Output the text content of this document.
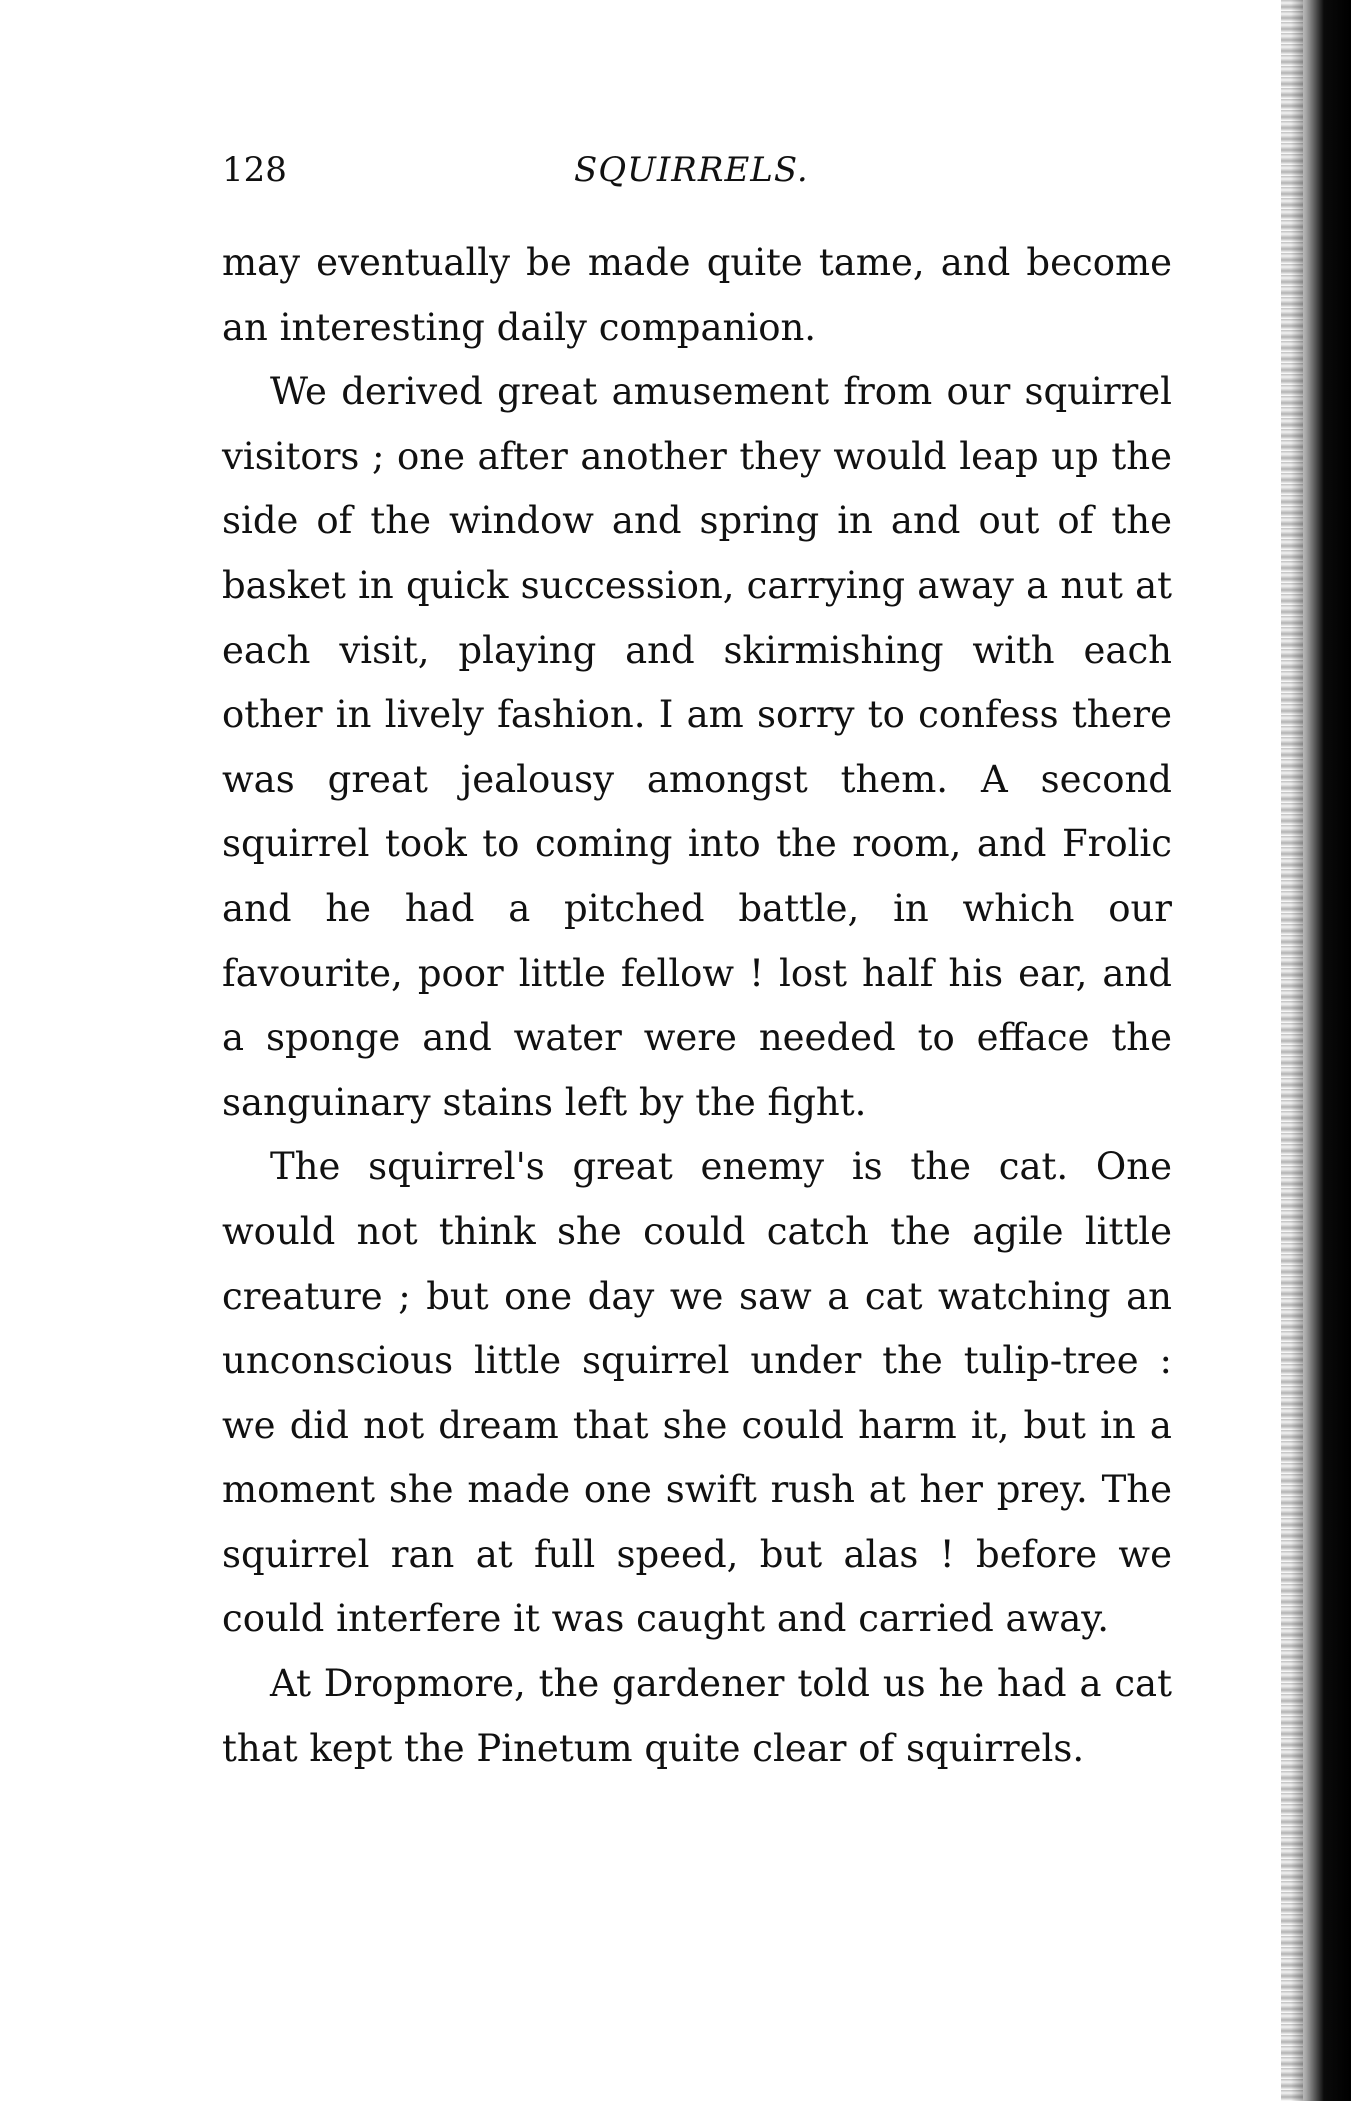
128	SQUIRRELS.

may eventually be made quite tame, and become an interesting daily companion.

We derived great amusement from our squirrel visitors ; one after another they would leap up the side of the window and spring in and out of the basket in quick succession, carrying away a nut at each visit, playing and skirmishing with each other in lively fashion. I am sorry to confess there was great jealousy amongst them. A second squirrel took to coming into the room, and Frolic and he had a pitched battle, in which our favourite, poor little fellow ! lost half his ear, and a sponge and water were needed to efface the sanguinary stains left by the fight.

The squirrel's great enemy is the cat. One would not think she could catch the agile little creature ; but one day we saw a cat watching an unconscious little squirrel under the tulip-tree : we did not dream that she could harm it, but in a moment she made one swift rush at her prey. The squirrel ran at full speed, but alas ! before we could interfere it was caught and carried away.

At Dropmore, the gardener told us he had a cat that kept the Pinetum quite clear of squirrels.
